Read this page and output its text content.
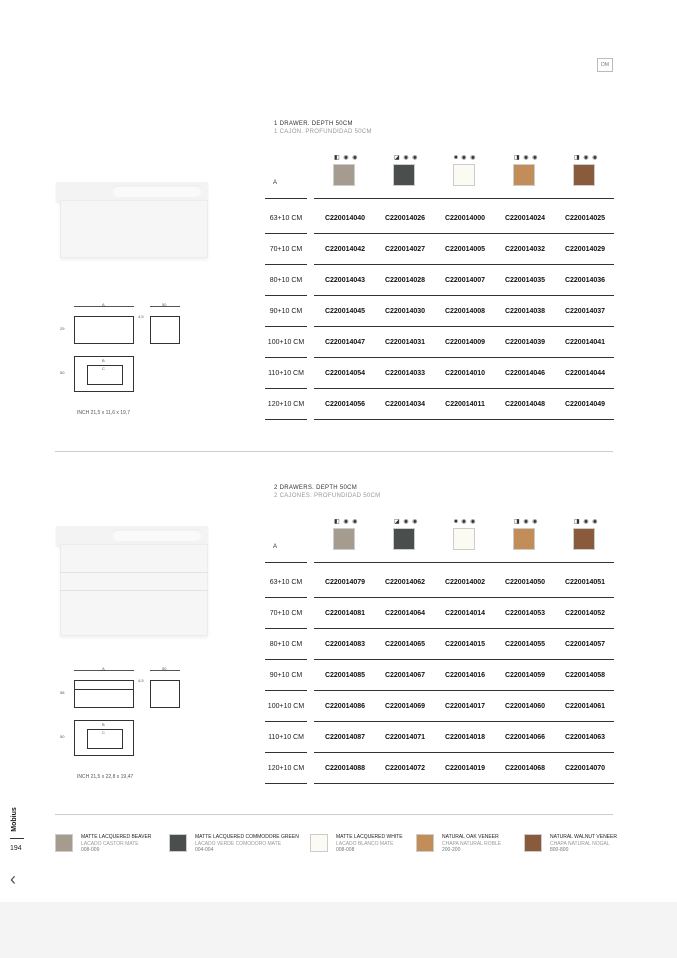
DM
1 DRAWER. DEPTH 50CM
1 CAJÓN. PROFUNDIDAD 50CM
A	50
29
4,5
50
B
C
INCH 21,5 x 11,6 x 19,7
A
◧ ◉ ◉	◪ ◉ ◉	■ ◉ ◉	◨ ◉ ◉	◨ ◉ ◉
63+10 CM	C220014040	C220014026	C220014000	C220014024	C220014025
70+10 CM	C220014042	C220014027	C220014005	C220014032	C220014029
80+10 CM	C220014043	C220014028	C220014007	C220014035	C220014036
90+10 CM	C220014045	C220014030	C220014008	C220014038	C220014037
100+10 CM	C220014047	C220014031	C220014009	C220014039	C220014041
110+10 CM	C220014054	C220014033	C220014010	C220014046	C220014044
120+10 CM	C220014056	C220014034	C220014011	C220014048	C220014049
2 DRAWERS. DEPTH 50CM
2 CAJONES. PROFUNDIDAD 50CM
A	50
58
4,5
50
B
C
INCH 21,5 x 22,8 x 19,47
A
◧ ◉ ◉	◪ ◉ ◉	■ ◉ ◉	◨ ◉ ◉	◨ ◉ ◉
63+10 CM	C220014079	C220014062	C220014002	C220014050	C220014051
70+10 CM	C220014081	C220014064	C220014014	C220014053	C220014052
80+10 CM	C220014083	C220014065	C220014015	C220014055	C220014057
90+10 CM	C220014085	C220014067	C220014016	C220014059	C220014058
100+10 CM	C220014086	C220014069	C220014017	C220014060	C220014061
110+10 CM	C220014087	C220014071	C220014018	C220014066	C220014063
120+10 CM	C220014088	C220014072	C220014019	C220014068	C220014070
MATTE LACQUERED BEAVER
LACADO CASTOR MATE
008-009
MATTE LACQUERED COMMODORE GREEN
LACADO VERDE COMODORO MATE
004-004
MATTE LACQUERED WHITE
LACADO BLANCO MATE
008-008
NATURAL OAK VENEER
CHAPA NATURAL ROBLE
200-200
NATURAL WALNUT VENEER
CHAPA NATURAL NOGAL
800-800
Mobius
194
‹
